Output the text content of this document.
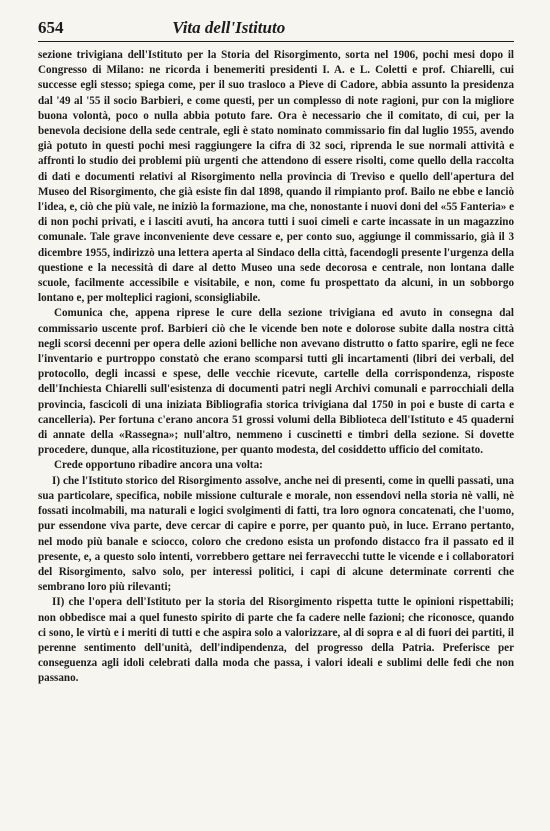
654	Vita dell'Istituto

sezione trivigiana dell'Istituto per la Storia del Risorgimento, sorta nel 1906, pochi mesi dopo il Congresso di Milano: ne ricorda i benemeriti presidenti I. A. e L. Coletti e prof. Chiarelli, cui successe egli stesso; spiega come, per il suo trasloco a Pieve di Cadore, abbia assunto la presidenza dal '49 al '55 il socio Barbieri, e come questi, per un complesso di note ragioni, pur con la migliore buona volontà, poco o nulla abbia potuto fare. Ora è necessario che il comitato, di cui, per la benevola decisione della sede centrale, egli è stato nominato commissario fin dal luglio 1955, avendo già potuto in questi pochi mesi raggiungere la cifra di 32 soci, riprenda le sue normali attività e affronti lo studio dei problemi più urgenti che attendono di essere risolti, come quello della raccolta di dati e documenti relativi al Risorgimento nella provincia di Treviso e quello dell'apertura del Museo del Risorgimento, che già esiste fin dal 1898, quando il rimpianto prof. Bailo ne ebbe e lanciò l'idea, e, ciò che più vale, ne iniziò la formazione, ma che, nonostante i nuovi doni del «55 Fanteria» e di non pochi privati, e i lasciti avuti, ha ancora tutti i suoi cimeli e carte incassate in un magazzino comunale. Tale grave inconveniente deve cessare e, per conto suo, aggiunge il commissario, già il 3 dicembre 1955, indirizzò una lettera aperta al Sindaco della città, facendogli presente l'urgenza della questione e la necessità di dare al detto Museo una sede decorosa e centrale, non lontana dalle scuole, facilmente accessibile e visitabile, e non, come fu prospettato da alcuni, in un sobborgo lontano e, per molteplici ragioni, sconsigliabile.

Comunica che, appena riprese le cure della sezione trivigiana ed avuto in consegna dal commissario uscente prof. Barbieri ciò che le vicende ben note e dolorose subite dalla nostra città negli scorsi decenni per opera delle azioni belliche non avevano distrutto o fatto sparire, egli ne fece l'inventario e purtroppo constatò che erano scomparsi tutti gli incartamenti (libri dei verbali, del protocollo, degli incassi e spese, delle vecchie ricevute, cartelle della corrispondenza, risposte dell'Inchiesta Chiarelli sull'esistenza di documenti patri negli Archivi comunali e parrocchiali della provincia, fascicoli di una iniziata Bibliografia storica trivigiana dal 1750 in poi e buste di carta e cancelleria). Per fortuna c'erano ancora 51 grossi volumi della Biblioteca dell'Istituto e 45 quaderni di annate della «Rassegna»; null'altro, nemmeno i cuscinetti e timbri della sezione. Si dovette procedere, dunque, alla ricostituzione, per quanto modesta, del cosiddetto ufficio del comitato.

Crede opportuno ribadire ancora una volta:

I) che l'Istituto storico del Risorgimento assolve, anche nei di presenti, come in quelli passati, una sua particolare, specifica, nobile missione culturale e morale, non essendovi nella storia nè valli, nè fossati incolmabili, ma naturali e logici svolgimenti di fatti, tra loro ognora concatenati, che l'uomo, pur essendone viva parte, deve cercar di capire e porre, per quanto può, in luce. Errano pertanto, nel modo più banale e sciocco, coloro che credono esista un profondo distacco fra il passato ed il presente, e, a questo solo intenti, vorrebbero gettare nei ferravecchi tutte le vicende e i collaboratori del Risorgimento, salvo solo, per interessi politici, i capi di alcune determinate correnti che sembrano loro più rilevanti;

II) che l'opera dell'Istituto per la storia del Risorgimento rispetta tutte le opinioni rispettabili; non obbedisce mai a quel funesto spirito di parte che fa cadere nelle fazioni; che riconosce, quando ci sono, le virtù e i meriti di tutti e che aspira solo a valorizzare, al di sopra e al di fuori dei partiti, il perenne sentimento dell'unità, dell'indipendenza, del progresso della Patria. Preferisce per conseguenza agli idoli celebrati dalla moda che passa, i valori ideali e sublimi delle fedi che non passano.
